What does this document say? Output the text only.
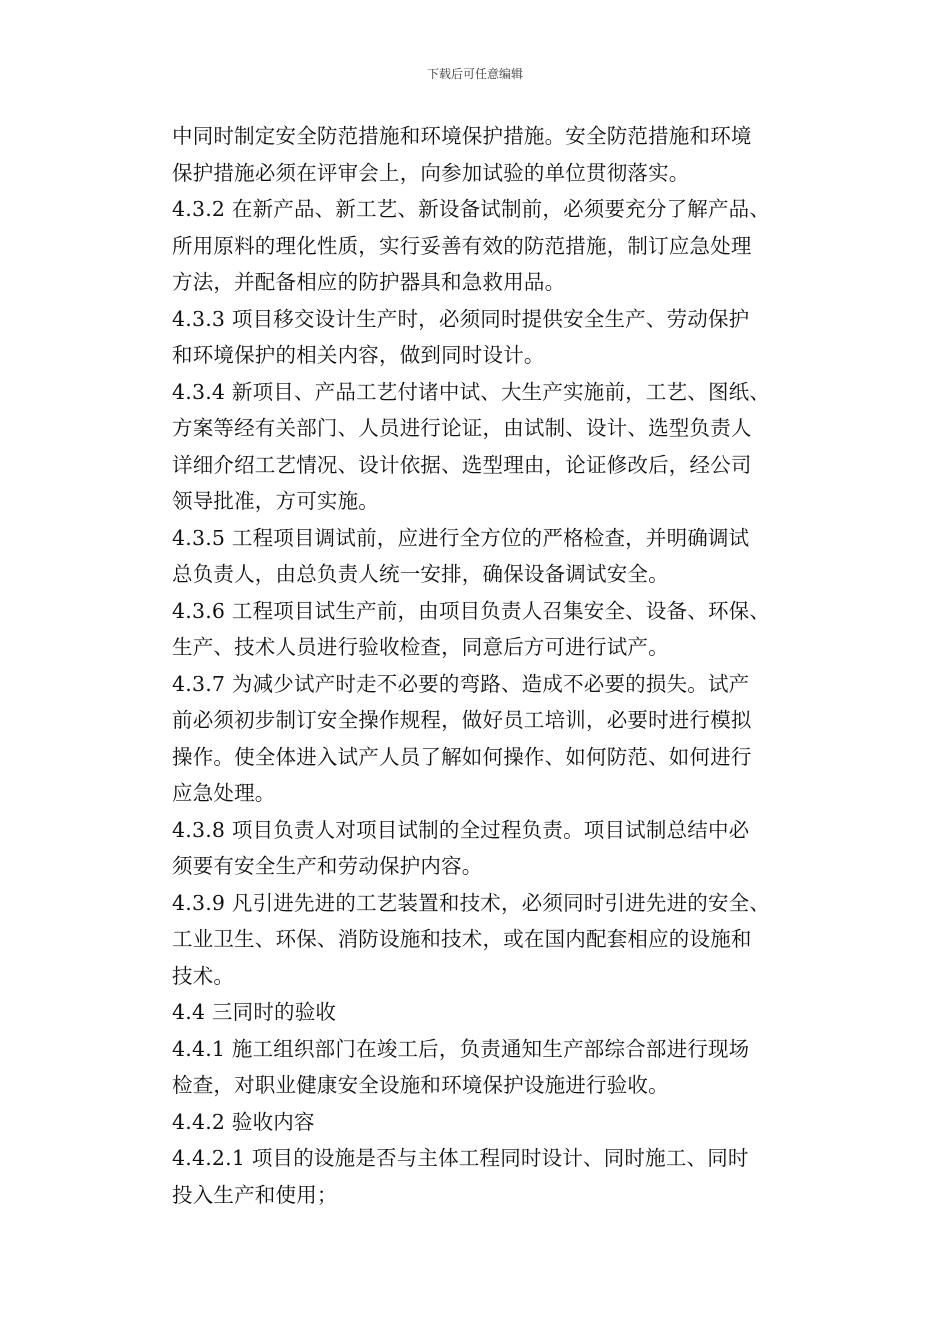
下载后可任意编辑
中同时制定安全防范措施和环境保护措施。安全防范措施和环境
保护措施必须在评审会上，向参加试验的单位贯彻落实。
4.3.2 在新产品、新工艺、新设备试制前，必须要充分了解产品、
所用原料的理化性质，实行妥善有效的防范措施，制订应急处理
方法，并配备相应的防护器具和急救用品。
4.3.3 项目移交设计生产时，必须同时提供安全生产、劳动保护
和环境保护的相关内容，做到同时设计。
4.3.4 新项目、产品工艺付诸中试、大生产实施前，工艺、图纸、
方案等经有关部门、人员进行论证，由试制、设计、选型负责人
详细介绍工艺情况、设计依据、选型理由，论证修改后，经公司
领导批准，方可实施。
4.3.5 工程项目调试前，应进行全方位的严格检查，并明确调试
总负责人，由总负责人统一安排，确保设备调试安全。
4.3.6 工程项目试生产前，由项目负责人召集安全、设备、环保、
生产、技术人员进行验收检查，同意后方可进行试产。
4.3.7 为减少试产时走不必要的弯路、造成不必要的损失。试产
前必须初步制订安全操作规程，做好员工培训，必要时进行模拟
操作。使全体进入试产人员了解如何操作、如何防范、如何进行
应急处理。
4.3.8 项目负责人对项目试制的全过程负责。项目试制总结中必
须要有安全生产和劳动保护内容。
4.3.9 凡引进先进的工艺装置和技术，必须同时引进先进的安全、
工业卫生、环保、消防设施和技术，或在国内配套相应的设施和
技术。
4.4 三同时的验收
4.4.1 施工组织部门在竣工后，负责通知生产部综合部进行现场
检查，对职业健康安全设施和环境保护设施进行验收。
4.4.2 验收内容
4.4.2.1 项目的设施是否与主体工程同时设计、同时施工、同时
投入生产和使用；
